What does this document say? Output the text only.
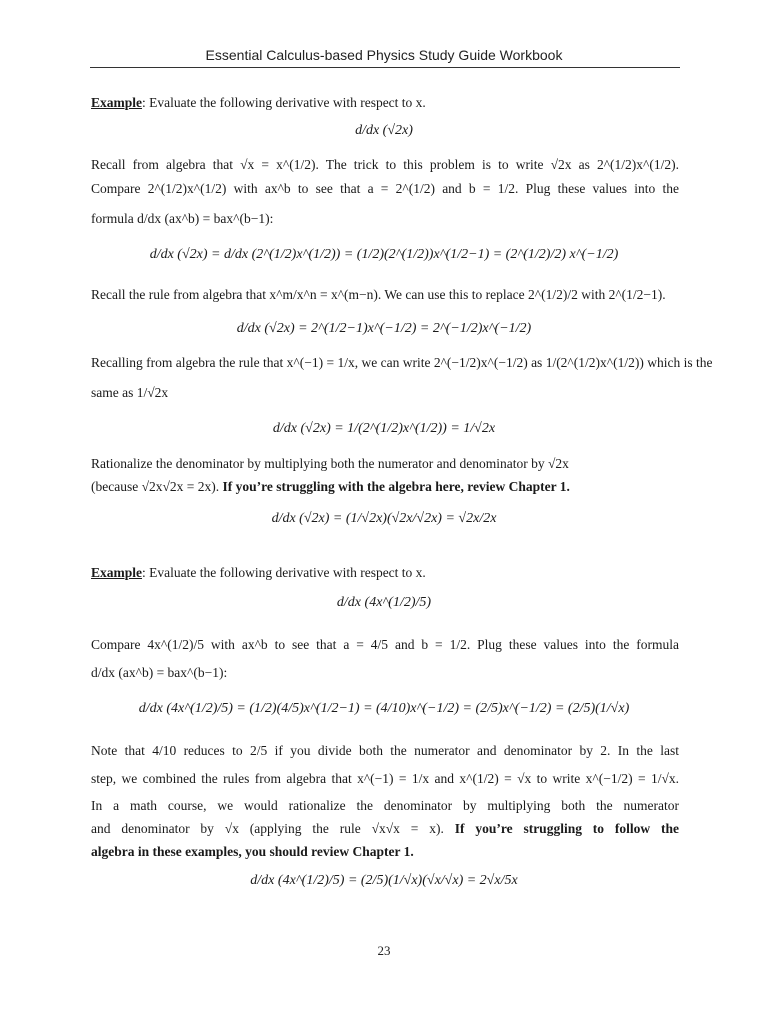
Essential Calculus-based Physics Study Guide Workbook
Example: Evaluate the following derivative with respect to x.
d/dx (√2x)
Recall from algebra that √x = x^(1/2). The trick to this problem is to write √2x as 2^(1/2)x^(1/2).
Compare 2^(1/2)x^(1/2) with ax^b to see that a = 2^(1/2) and b = 1/2. Plug these values into the
formula d/dx (ax^b) = bax^(b−1):
d/dx (√2x) = d/dx (2^(1/2)x^(1/2)) = (1/2)(2^(1/2))x^(1/2−1) = (2^(1/2)/2) x^(−1/2)
Recall the rule from algebra that x^m/x^n = x^(m−n). We can use this to replace 2^(1/2)/2 with 2^(1/2−1).
d/dx (√2x) = 2^(1/2−1)x^(−1/2) = 2^(−1/2)x^(−1/2)
Recalling from algebra the rule that x^(−1) = 1/x, we can write 2^(−1/2)x^(−1/2) as 1/(2^(1/2)x^(1/2)) which is the
same as 1/√2x
d/dx (√2x) = 1/(2^(1/2)x^(1/2)) = 1/√2x
Rationalize the denominator by multiplying both the numerator and denominator by √2x
(because √2x√2x = 2x). If you’re struggling with the algebra here, review Chapter 1.
d/dx (√2x) = (1/√2x)(√2x/√2x) = √2x/2x
Example: Evaluate the following derivative with respect to x.
d/dx (4x^(1/2)/5)
Compare 4x^(1/2)/5 with ax^b to see that a = 4/5 and b = 1/2. Plug these values into the formula
d/dx (ax^b) = bax^(b−1):
d/dx (4x^(1/2)/5) = (1/2)(4/5)x^(1/2−1) = (4/10)x^(−1/2) = (2/5)x^(−1/2) = (2/5)(1/√x)
Note that 4/10 reduces to 2/5 if you divide both the numerator and denominator by 2. In the last
step, we combined the rules from algebra that x^(−1) = 1/x and x^(1/2) = √x to write x^(−1/2) = 1/√x.
In a math course, we would rationalize the denominator by multiplying both the numerator
and denominator by √x (applying the rule √x√x = x). If you’re struggling to follow the
algebra in these examples, you should review Chapter 1.
d/dx (4x^(1/2)/5) = (2/5)(1/√x)(√x/√x) = 2√x/5x
23
